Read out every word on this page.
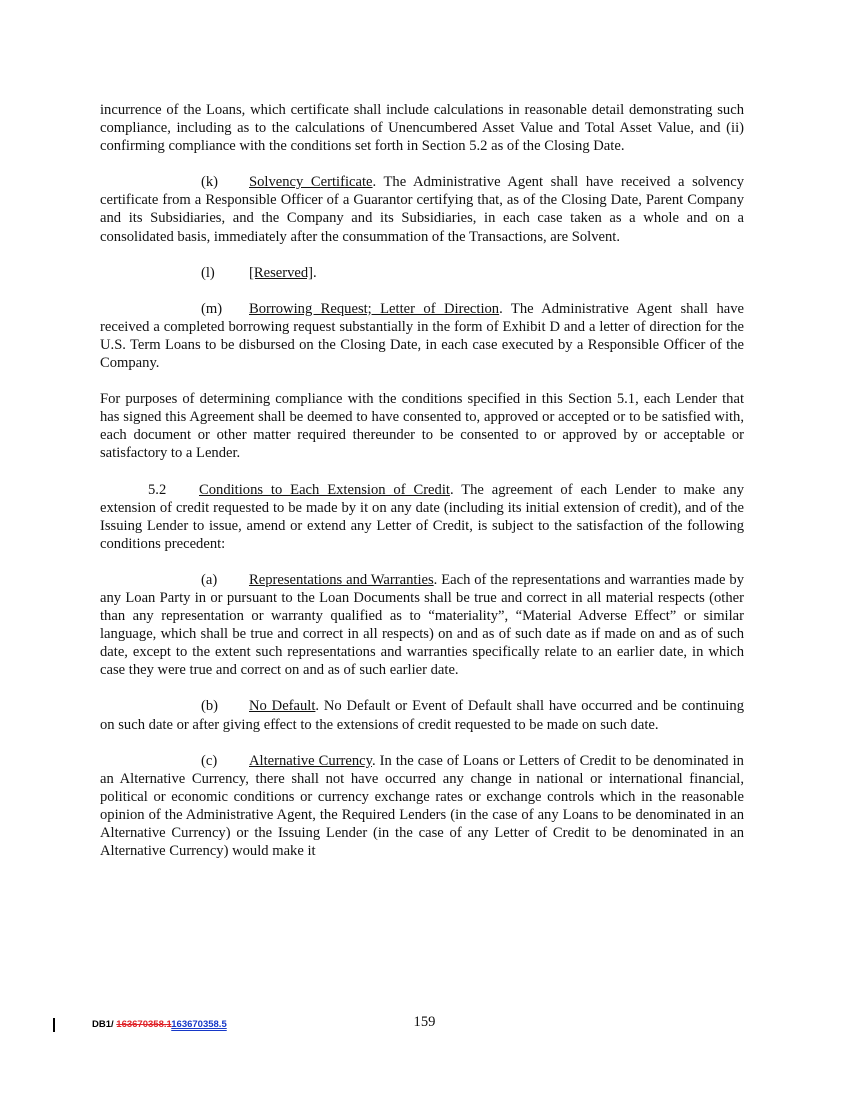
incurrence of the Loans, which certificate shall include calculations in reasonable detail demonstrating such compliance, including as to the calculations of Unencumbered Asset Value and Total Asset Value, and (ii) confirming compliance with the conditions set forth in Section 5.2 as of the Closing Date.

(k) Solvency Certificate. The Administrative Agent shall have received a solvency certificate from a Responsible Officer of a Guarantor certifying that, as of the Closing Date, Parent Company and its Subsidiaries, and the Company and its Subsidiaries, in each case taken as a whole and on a consolidated basis, immediately after the consummation of the Transactions, are Solvent.

(l) [Reserved].

(m) Borrowing Request; Letter of Direction. The Administrative Agent shall have received a completed borrowing request substantially in the form of Exhibit D and a letter of direction for the U.S. Term Loans to be disbursed on the Closing Date, in each case executed by a Responsible Officer of the Company.

For purposes of determining compliance with the conditions specified in this Section 5.1, each Lender that has signed this Agreement shall be deemed to have consented to, approved or accepted or to be satisfied with, each document or other matter required thereunder to be consented to or approved by or acceptable or satisfactory to a Lender.

5.2 Conditions to Each Extension of Credit. The agreement of each Lender to make any extension of credit requested to be made by it on any date (including its initial extension of credit), and of the Issuing Lender to issue, amend or extend any Letter of Credit, is subject to the satisfaction of the following conditions precedent:

(a) Representations and Warranties. Each of the representations and warranties made by any Loan Party in or pursuant to the Loan Documents shall be true and correct in all material respects (other than any representation or warranty qualified as to “materiality”, “Material Adverse Effect” or similar language, which shall be true and correct in all respects) on and as of such date as if made on and as of such date, except to the extent such representations and warranties specifically relate to an earlier date, in which case they were true and correct on and as of such earlier date.

(b) No Default. No Default or Event of Default shall have occurred and be continuing on such date or after giving effect to the extensions of credit requested to be made on such date.

(c) Alternative Currency. In the case of Loans or Letters of Credit to be denominated in an Alternative Currency, there shall not have occurred any change in national or international financial, political or economic conditions or currency exchange rates or exchange controls which in the reasonable opinion of the Administrative Agent, the Required Lenders (in the case of any Loans to be denominated in an Alternative Currency) or the Issuing Lender (in the case of any Letter of Credit to be denominated in an Alternative Currency) would make it

DB1/ 163670358.1163670358.5	159
